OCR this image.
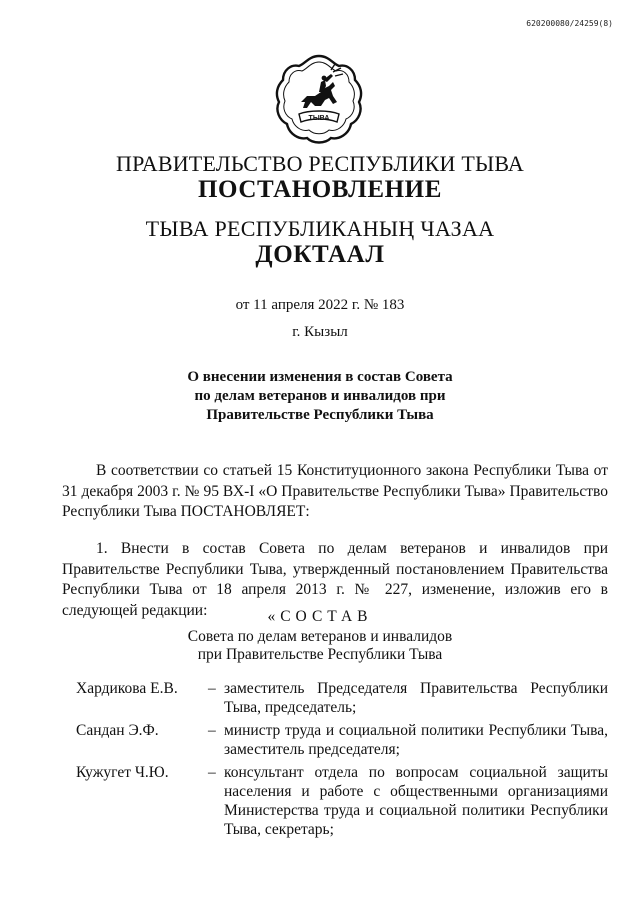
620200080/24259(8)
ТЫВА
ПРАВИТЕЛЬСТВО РЕСПУБЛИКИ ТЫВА
ПОСТАНОВЛЕНИЕ
ТЫВА РЕСПУБЛИКАНЫҢ ЧАЗАА
ДОКТААЛ
от 11 апреля 2022 г. № 183
г. Кызыл
О внесении изменения в состав Совета
по делам ветеранов и инвалидов при
Правительстве Республики Тыва
В соответствии со статьей 15 Конституционного закона Республики Тыва от 31 декабря 2003 г. № 95 ВХ-I «О Правительстве Республики Тыва» Правительство Республики Тыва ПОСТАНОВЛЯЕТ:
1. Внести в состав Совета по делам ветеранов и инвалидов при Правительстве Республики Тыва, утвержденный постановлением Правительства Республики Тыва от 18 апреля 2013 г. № 227, изменение, изложив его в следующей редакции:	«СОСТАВ
Совета по делам ветеранов и инвалидов
при Правительстве Республики Тыва
Хардикова Е.В.	– заместитель Председателя Правительства Республики Тыва, председатель;
Сандан Э.Ф.	– министр труда и социальной политики Республики Тыва, заместитель председателя;
Кужугет Ч.Ю.	– консультант отдела по вопросам социальной защиты населения и работе с общественными организациями Министерства труда и социальной политики Республики Тыва, секретарь;
